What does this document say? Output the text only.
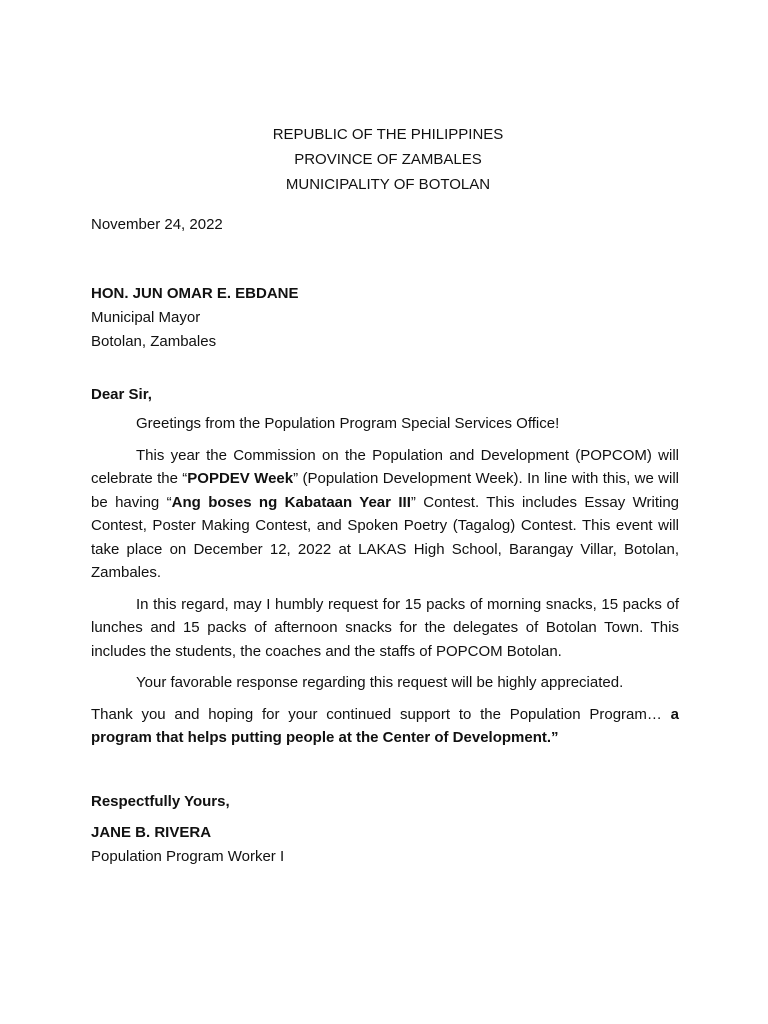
REPUBLIC OF THE PHILIPPINES
PROVINCE OF ZAMBALES
MUNICIPALITY OF BOTOLAN
November 24, 2022
HON. JUN OMAR E. EBDANE
Municipal Mayor
Botolan, Zambales
Dear Sir,

Greetings from the Population Program Special Services Office!

This year the Commission on the Population and Development (POPCOM) will celebrate the “POPDEV Week” (Population Development Week). In line with this, we will be having “Ang boses ng Kabataan Year III” Contest. This includes Essay Writing Contest, Poster Making Contest, and Spoken Poetry (Tagalog) Contest. This event will take place on December 12, 2022 at LAKAS High School, Barangay Villar, Botolan, Zambales.

In this regard, may I humbly request for 15 packs of morning snacks, 15 packs of lunches and 15 packs of afternoon snacks for the delegates of Botolan Town. This includes the students, the coaches and the staffs of POPCOM Botolan.

Your favorable response regarding this request will be highly appreciated.

Thank you and hoping for your continued support to the Population Program… a program that helps putting people at the Center of Development.”

Respectfully Yours,
JANE B. RIVERA
Population Program Worker I
